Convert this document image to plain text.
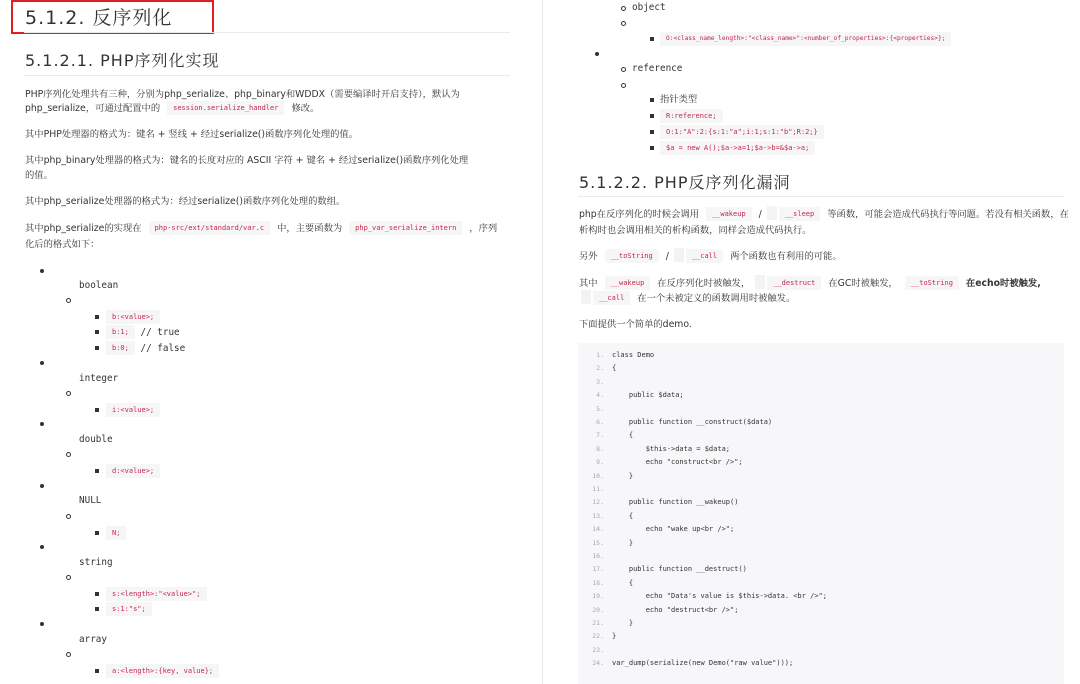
5.1.2. 反序列化
5.1.2.1. PHP序列化实现
PHP序列化处理共有三种，分别为php_serialize、php_binary和WDDX（需要编译时开启支持），默认为
php_serialize，可通过配置中的 session.serialize_handler 修改。
其中PHP处理器的格式为：键名 + 竖线 + 经过serialize()函数序列化处理的值。
其中php_binary处理器的格式为：键名的长度对应的 ASCII 字符 + 键名 + 经过serialize()函数序列化处理
的值。
其中php_serialize处理器的格式为：经过serialize()函数序列化处理的数组。
其中php_serialize的实现在 php-src/ext/standard/var.c 中，主要函数为 php_var_serialize_intern ，序列
化后的格式如下：
boolean
b:<value>;
b:1; // true
b:0; // false
integer
i:<value>;
double
d:<value>;
NULL
N;
string
s:<length>:"<value>";
s:1:"s";
array
a:<length>:{key, value};
object
O:<class_name_length>:"<class_name>":<number_of_properties>:{<properties>};
reference
指针类型
R:reference;
O:1:"A":2:{s:1:"a";i:1;s:1:"b";R:2;}
$a = new A();$a->a=1;$a->b=&$a->a;
5.1.2.2. PHP反序列化漏洞
php在反序列化的时候会调用 __wakeup /	__sleep 等函数，可能会造成代码执行等问题。若没有相关函数，在
析构时也会调用相关的析构函数，同样会造成代码执行。
另外 __toString /	__call 两个函数也有利用的可能。
其中 __wakeup 在反序列化时被触发，	__destruct 在GC时被触发， __toString 在echo时被触发,
__call 在一个未被定义的函数调用时被触发。
下面提供一个简单的demo.
1. class Demo
2. {
3.
4. public $data;
5.
6. public function __construct($data)
7. {
8. $this->data = $data;
9. echo "construct<br />";
10. }
11.
12. public function __wakeup()
13. {
14. echo "wake up<br />";
15. }
16.
17. public function __destruct()
18. {
19. echo "Data's value is $this->data. <br />";
20. echo "destruct<br />";
21. }
22. }
23.
24. var_dump(serialize(new Demo("raw value")));
